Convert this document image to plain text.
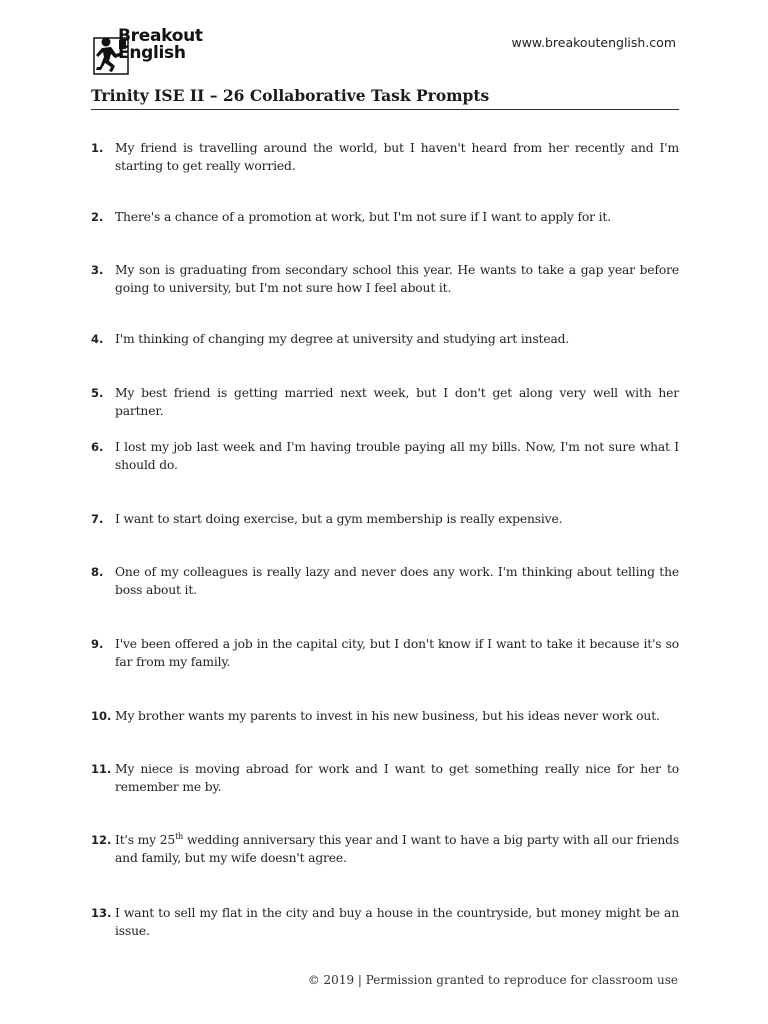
Breakout
English
www.breakoutenglish.com
Trinity ISE II – 26 Collaborative Task Prompts
1. My friend is travelling around the world, but I haven't heard from her recently and I'm starting to get really worried.
2. There's a chance of a promotion at work, but I'm not sure if I want to apply for it.
3. My son is graduating from secondary school this year. He wants to take a gap year before going to university, but I'm not sure how I feel about it.
4. I'm thinking of changing my degree at university and studying art instead.
5. My best friend is getting married next week, but I don't get along very well with her partner.
6. I lost my job last week and I'm having trouble paying all my bills. Now, I'm not sure what I should do.
7. I want to start doing exercise, but a gym membership is really expensive.
8. One of my colleagues is really lazy and never does any work. I'm thinking about telling the boss about it.
9. I've been offered a job in the capital city, but I don't know if I want to take it because it's so far from my family.
10. My brother wants my parents to invest in his new business, but his ideas never work out.
11. My niece is moving abroad for work and I want to get something really nice for her to remember me by.
12. It's my 25th wedding anniversary this year and I want to have a big party with all our friends and family, but my wife doesn't agree.
13. I want to sell my flat in the city and buy a house in the countryside, but money might be an issue.
© 2019 | Permission granted to reproduce for classroom use
